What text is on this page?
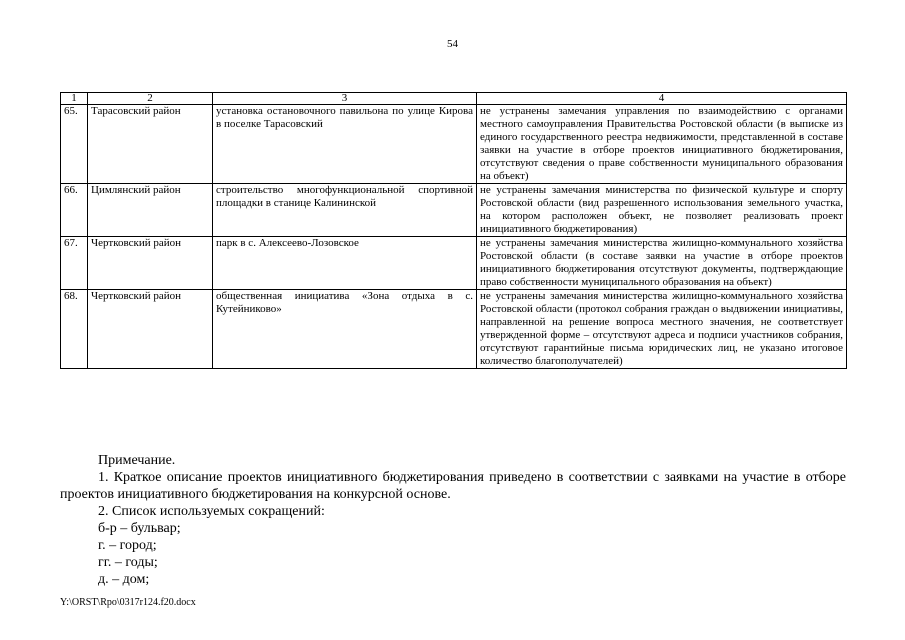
54
1	2	3	4
65.	Тарасовский район	установка остановочного павильона по улице Кирова в поселке Тарасовский	не устранены замечания управления по взаимодействию с органами местного самоуправления Правительства Ростовской области (в выписке из единого государственного реестра недвижимости, представленной в составе заявки на участие в отборе проектов инициативного бюджетирования, отсутствуют сведения о праве собственности муниципального образования на объект)
66.	Цимлянский район	строительство многофункциональной спортивной площадки в станице Калининской	не устранены замечания министерства по физической культуре и спорту Ростовской области (вид разрешенного использования земельного участка, на котором расположен объект, не позволяет реализовать проект инициативного бюджетирования)
67.	Чертковский район	парк в с. Алексеево-Лозовское	не устранены замечания министерства жилищно-коммунального хозяйства Ростовской области (в составе заявки на участие в отборе проектов инициативного бюджетирования отсутствуют документы, подтверждающие право собственности муниципального образования на объект)
68.	Чертковский район	общественная инициатива «Зона отдыха в с. Кутейниково»	не устранены замечания министерства жилищно-коммунального хозяйства Ростовской области (протокол собрания граждан о выдвижении инициативы, направленной на решение вопроса местного значения, не соответствует утвержденной форме – отсутствуют адреса и подписи участников собрания, отсутствуют гарантийные письма юридических лиц, не указано итоговое количество благополучателей)
Примечание.
1. Краткое описание проектов инициативного бюджетирования приведено в соответствии с заявками на участие в отборе проектов инициативного бюджетирования на конкурсной основе.
2. Список используемых сокращений:
б-р – бульвар;
г. – город;
гг. – годы;
д. – дом;
Y:\ORST\Rpo\0317r124.f20.docx
